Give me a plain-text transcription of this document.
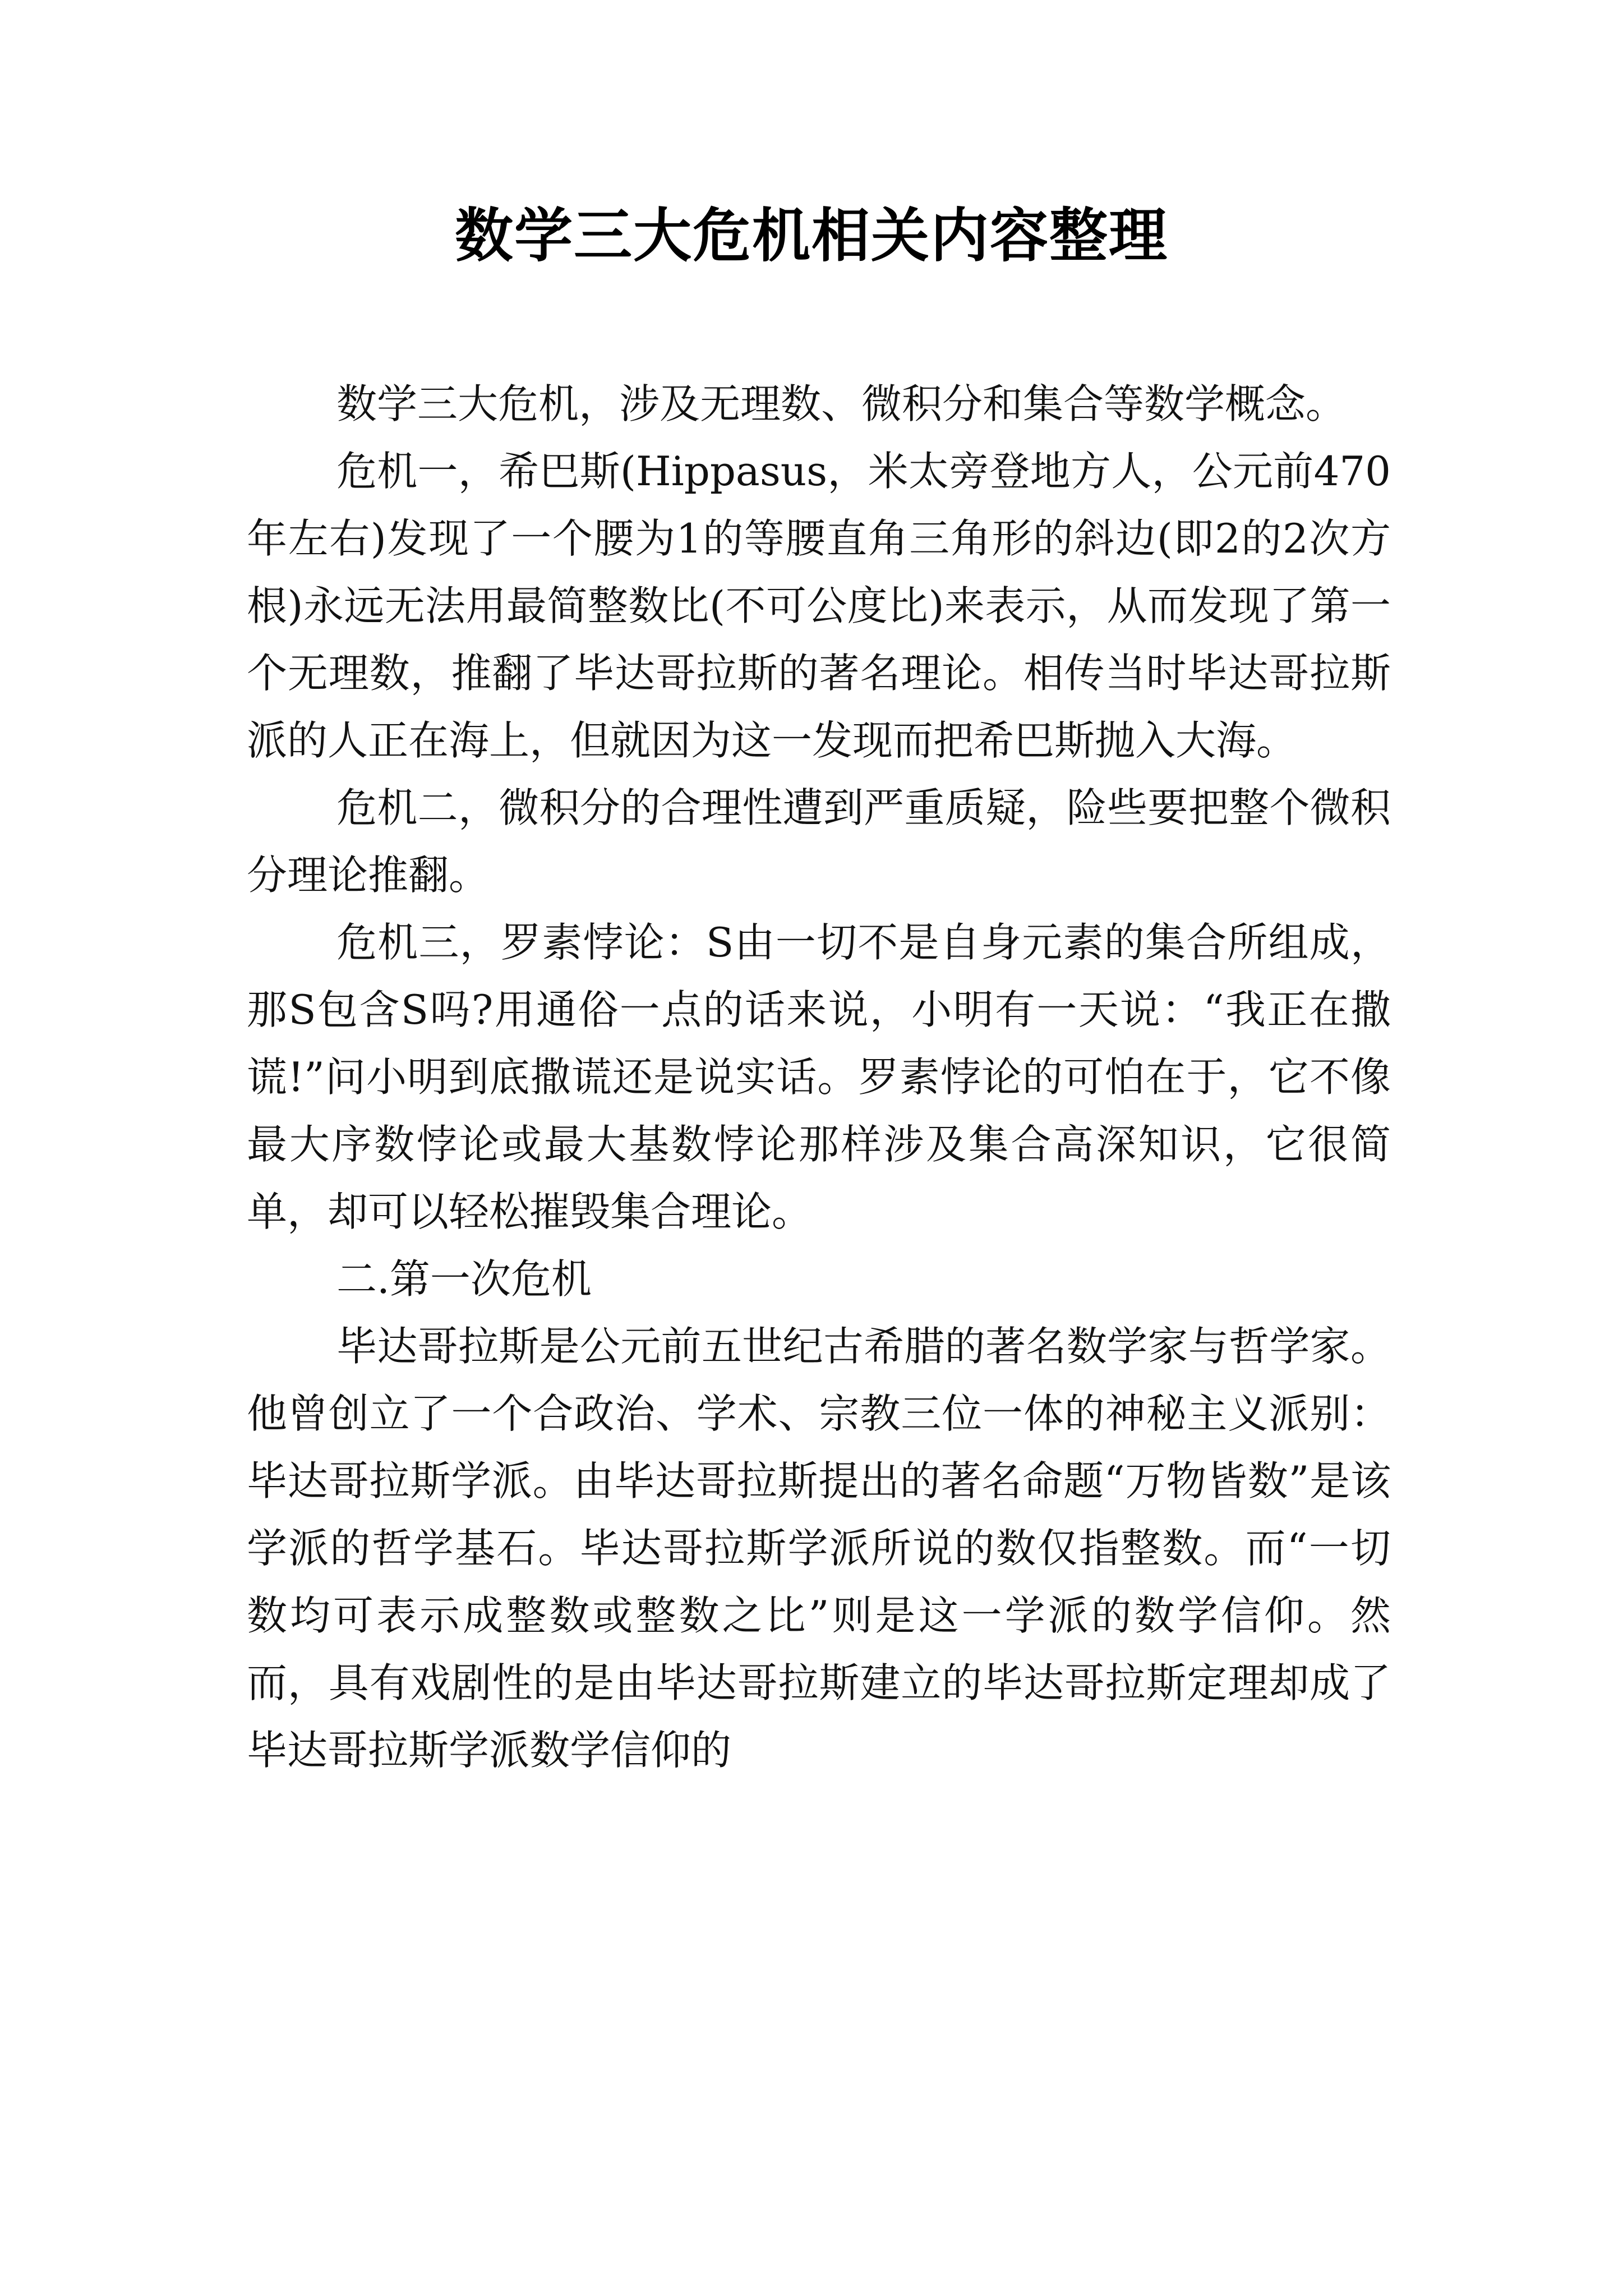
数学三大危机相关内容整理

数学三大危机，涉及无理数、微积分和集合等数学概念。

危机一，希巴斯(Hippasus，米太旁登地方人，公元前470年左右)发现了一个腰为1的等腰直角三角形的斜边(即2的2次方根)永远无法用最简整数比(不可公度比)来表示，从而发现了第一个无理数，推翻了毕达哥拉斯的著名理论。相传当时毕达哥拉斯派的人正在海上，但就因为这一发现而把希巴斯抛入大海。

危机二，微积分的合理性遭到严重质疑，险些要把整个微积分理论推翻。

危机三，罗素悖论：S由一切不是自身元素的集合所组成，那S包含S吗?用通俗一点的话来说，小明有一天说：“我正在撒谎!”问小明到底撒谎还是说实话。罗素悖论的可怕在于，它不像最大序数悖论或最大基数悖论那样涉及集合高深知识，它很简单，却可以轻松摧毁集合理论。

二.第一次危机

毕达哥拉斯是公元前五世纪古希腊的著名数学家与哲学家。他曾创立了一个合政治、学术、宗教三位一体的神秘主义派别：毕达哥拉斯学派。由毕达哥拉斯提出的著名命题“万物皆数”是该学派的哲学基石。毕达哥拉斯学派所说的数仅指整数。而“一切数均可表示成整数或整数之比”则是这一学派的数学信仰。然而，具有戏剧性的是由毕达哥拉斯建立的毕达哥拉斯定理却成了毕达哥拉斯学派数学信仰的
